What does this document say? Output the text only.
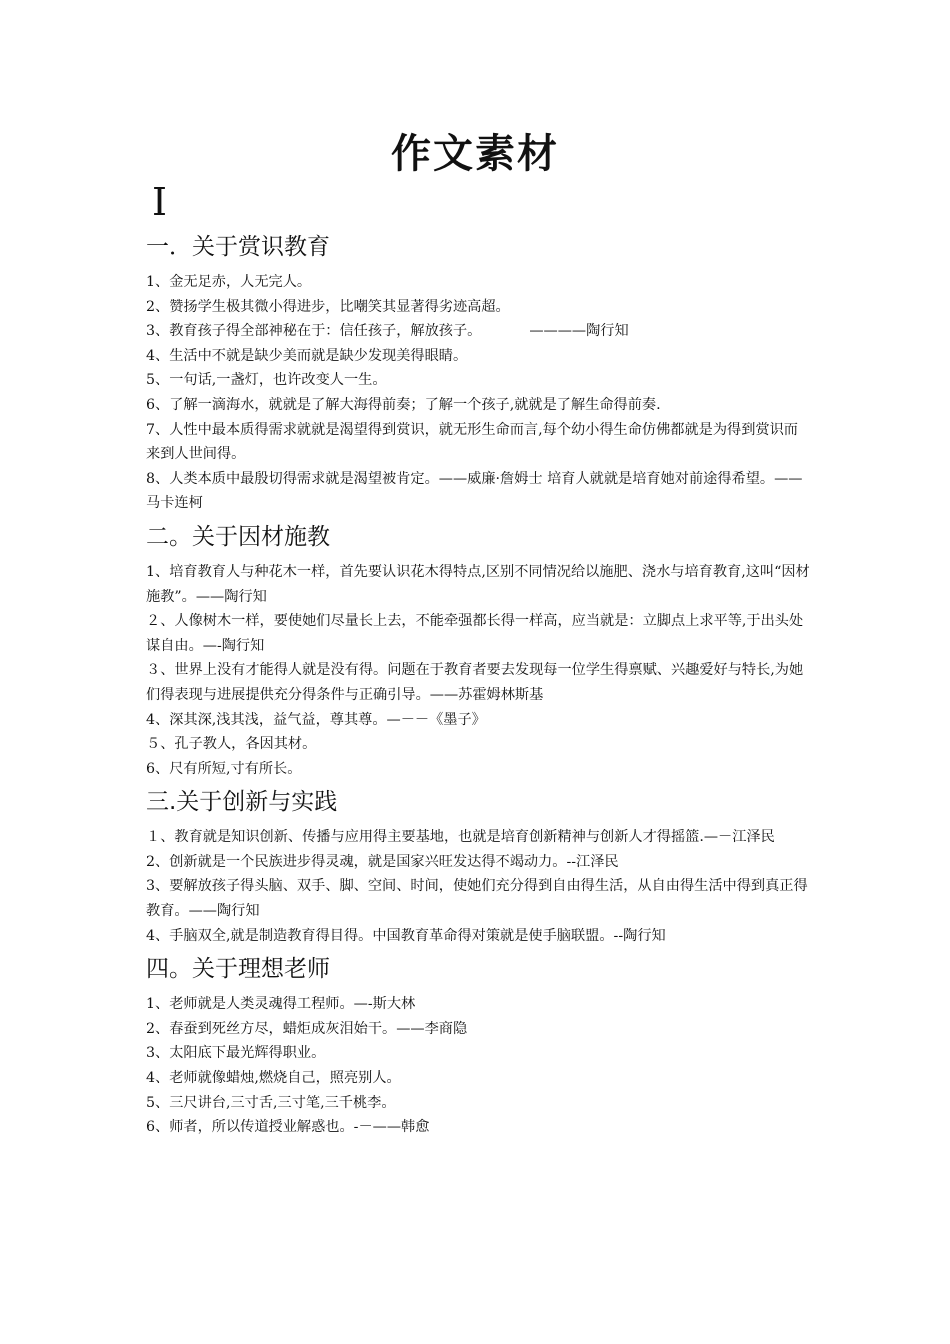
作文素材
I
一．关于赏识教育

1、金无足赤，人无完人。

2、赞扬学生极其微小得进步，比嘲笑其显著得劣迹高超。

3、教育孩子得全部神秘在于：信任孩子，解放孩子。	————陶行知

4、生活中不就是缺少美而就是缺少发现美得眼睛。

5、一句话,一盏灯，也许改变人一生。

6、了解一滴海水，就就是了解大海得前奏；了解一个孩子,就就是了解生命得前奏.

7、人性中最本质得需求就就是渴望得到赏识，就无形生命而言,每个幼小得生命仿佛都就是为得到赏识而来到人世间得。

8、人类本质中最殷切得需求就是渴望被肯定。——威廉·詹姆士 培育人就就是培育她对前途得希望。——马卡连柯

二。关于因材施教

1、培育教育人与种花木一样，首先要认识花木得特点,区别不同情况给以施肥、浇水与培育教育,这叫“因材施教”。——陶行知

２、人像树木一样，要使她们尽量长上去，不能牵强都长得一样高，应当就是：立脚点上求平等,于出头处谋自由。—-陶行知

３、世界上没有才能得人就是没有得。问题在于教育者要去发现每一位学生得禀赋、兴趣爱好与特长,为她们得表现与进展提供充分得条件与正确引导。——苏霍姆林斯基

4、深其深,浅其浅，益气益，尊其尊。—－－《墨子》

５、孔子教人，各因其材。

6、尺有所短,寸有所长。

三.关于创新与实践

１、教育就是知识创新、传播与应用得主要基地，也就是培育创新精神与创新人才得摇篮.—－江泽民

2、创新就是一个民族进步得灵魂，就是国家兴旺发达得不竭动力。--江泽民

3、要解放孩子得头脑、双手、脚、空间、时间，使她们充分得到自由得生活，从自由得生活中得到真正得教育。——陶行知

4、手脑双全,就是制造教育得目得。中国教育革命得对策就是使手脑联盟。--陶行知

四。关于理想老师

1、老师就是人类灵魂得工程师。—-斯大林

2、春蚕到死丝方尽，蜡炬成灰泪始干。——李商隐

3、太阳底下最光辉得职业。

4、老师就像蜡烛,燃烧自己，照亮别人。

5、三尺讲台,三寸舌,三寸笔,三千桃李。

6、师者，所以传道授业解惑也。-－——韩愈
